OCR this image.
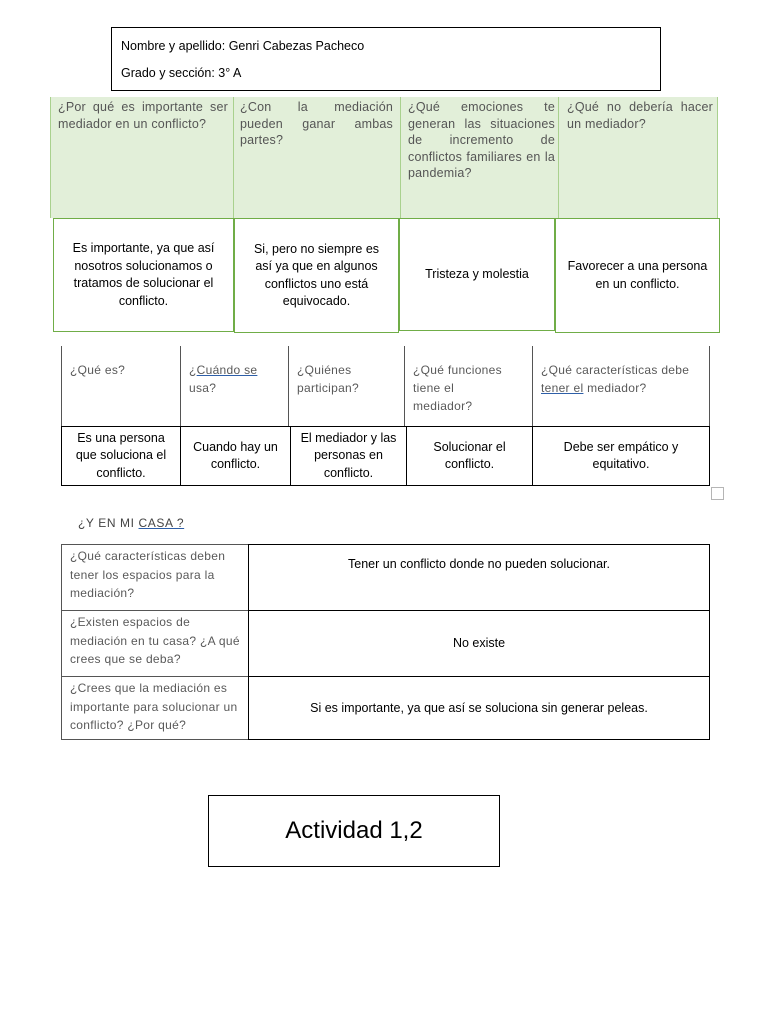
Nombre y apellido: Genri Cabezas Pacheco
Grado y sección: 3° A
¿Por qué es importante ser mediador en un conflicto?
¿Con la mediación pueden ganar ambas partes?
¿Qué emociones te generan las situaciones de incremento de conflictos familiares en la pandemia?
¿Qué no debería hacer un mediador?
Es importante, ya que así nosotros solucionamos o tratamos de solucionar el conflicto.
Si, pero no siempre es así ya que en algunos conflictos uno está equivocado.
Tristeza y molestia
Favorecer a una persona en un conflicto.
¿Qué es?	¿Cuándo se usa?
¿Quiénes participan?
¿Qué funciones tiene el mediador?
¿Qué características debe tener el mediador?
Es una persona que soluciona el conflicto.
Cuando hay un conflicto.
El mediador y las personas en conflicto.
Solucionar el conflicto.
Debe ser empático y equitativo.
¿Y EN MI CASA ?
¿Qué características deben tener los espacios para la mediación?
Tener un conflicto donde no pueden solucionar.
¿Existen espacios de mediación en tu casa? ¿A qué crees que se deba?
No existe
¿Crees que la mediación es importante para solucionar un conflicto? ¿Por qué?
Si es importante, ya que así se soluciona sin generar peleas.
Actividad 1,2
